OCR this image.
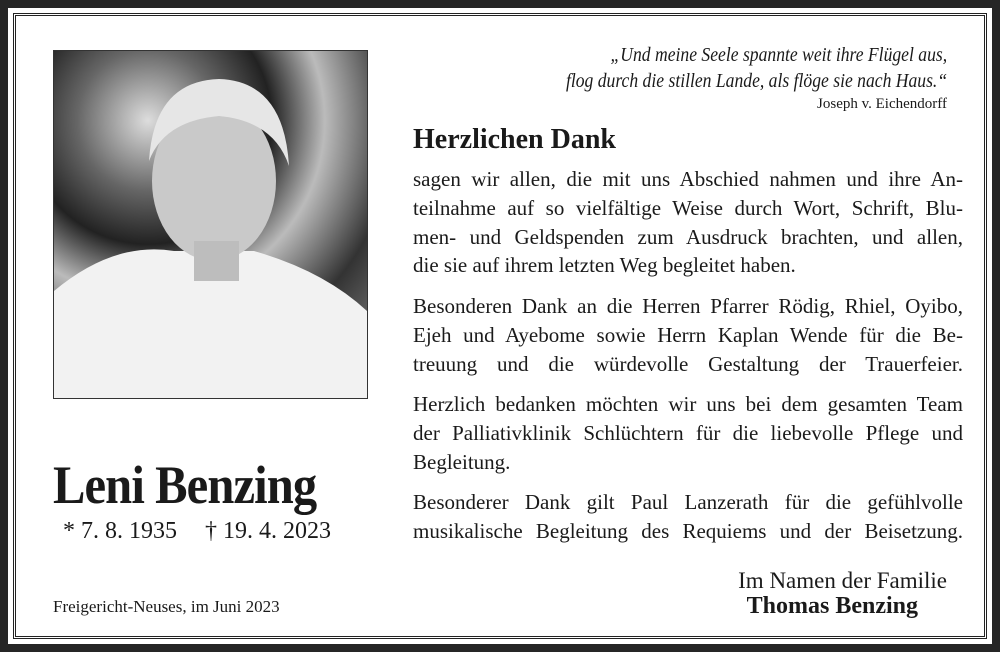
„Und meine Seele spannte weit ihre Flügel aus,
flog durch die stillen Lande, als flöge sie nach Haus.“
Joseph v. Eichendorff
Herzlichen Dank
sagen wir allen, die mit uns Abschied nahmen und ihre An-
teilnahme auf so vielfältige Weise durch Wort, Schrift, Blu-
men- und Geldspenden zum Ausdruck brachten, und allen,
die sie auf ihrem letzten Weg begleitet haben.
Besonderen Dank an die Herren Pfarrer Rödig, Rhiel, Oyibo,
Ejeh und Ayebome sowie Herrn Kaplan Wende für die Be-
treuung und die würdevolle Gestaltung der Trauerfeier.
Herzlich bedanken möchten wir uns bei dem gesamten Team
der Palliativklinik Schlüchtern für die liebevolle Pflege und
Begleitung.
Besonderer Dank gilt Paul Lanzerath für die gefühlvolle
musikalische Begleitung des Requiems und der Beisetzung.
Leni Benzing
* 7. 8. 1935 † 19. 4. 2023
Freigericht-Neuses, im Juni 2023
Im Namen der Familie
Thomas Benzing
